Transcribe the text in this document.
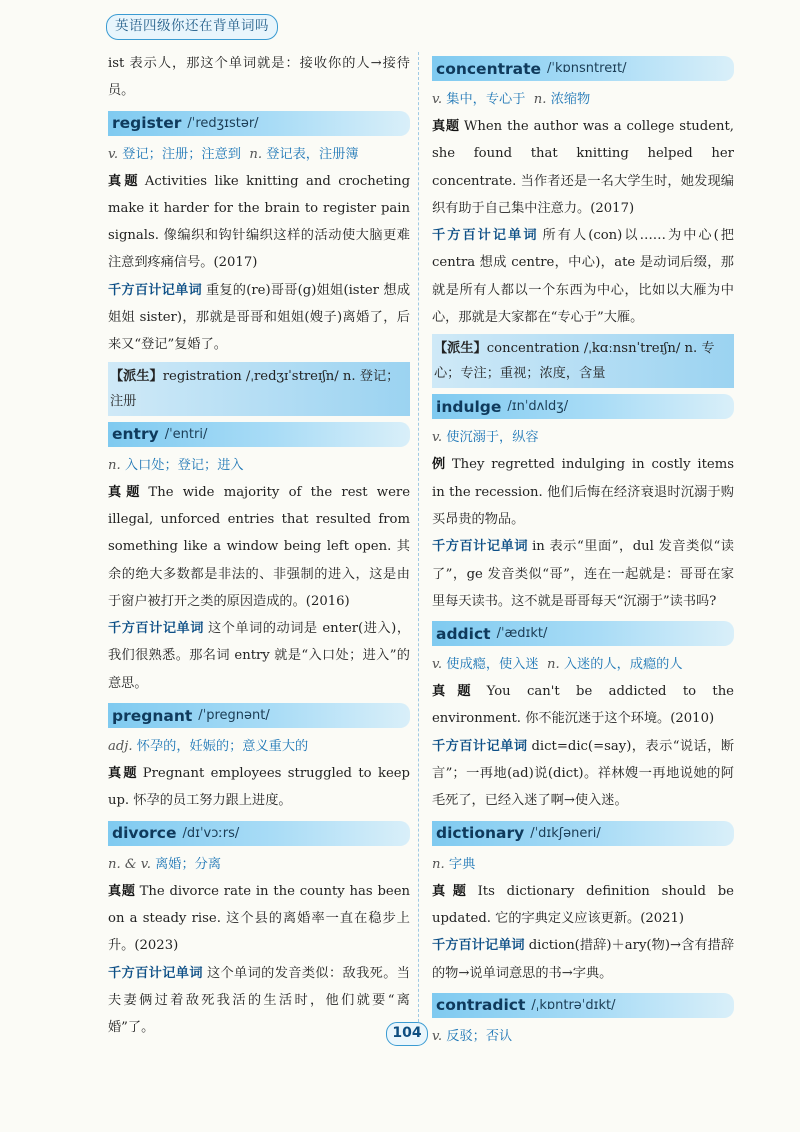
英语四级你还在背单词吗

ist 表示人，那这个单词就是：接收你的人→接待员。

register /ˈredʒɪstər/
v. 登记；注册；注意到 n. 登记表，注册簿

真题 Activities like knitting and crocheting make it harder for the brain to register pain signals. 像编织和钩针编织这样的活动使大脑更难注意到疼痛信号。(2017)

千方百计记单词 重复的(re)哥哥(g)姐姐(ister 想成姐姐 sister)，那就是哥哥和姐姐(嫂子)离婚了，后来又“登记”复婚了。

【派生】registration /ˌredʒɪˈstreɪʃn/ n. 登记；注册
entry /ˈentri/
n. 入口处；登记；进入

真题 The wide majority of the rest were illegal, unforced entries that resulted from something like a window being left open. 其余的绝大多数都是非法的、非强制的进入，这是由于窗户被打开之类的原因造成的。(2016)

千方百计记单词 这个单词的动词是 enter(进入)，我们很熟悉。那名词 entry 就是“入口处；进入”的意思。

pregnant /ˈpregnənt/
adj. 怀孕的，妊娠的；意义重大的

真题 Pregnant employees struggled to keep up. 怀孕的员工努力跟上进度。

divorce /dɪˈvɔːrs/
n. & v. 离婚；分离

真题 The divorce rate in the county has been on a steady rise. 这个县的离婚率一直在稳步上升。(2023)

千方百计记单词 这个单词的发音类似：敌我死。当夫妻俩过着敌死我活的生活时，他们就要“离婚”了。

concentrate /ˈkɒnsntreɪt/
v. 集中，专心于 n. 浓缩物

真题 When the author was a college student, she found that knitting helped her concentrate. 当作者还是一名大学生时，她发现编织有助于自己集中注意力。(2017)

千方百计记单词 所有人(con)以……为中心(把 centra 想成 centre，中心)，ate 是动词后缀，那就是所有人都以一个东西为中心，比如以大雁为中心，那就是大家都在“专心于”大雁。

【派生】concentration /ˌkɑːnsnˈtreɪʃn/ n. 专心；专注；重视；浓度，含量
indulge /ɪnˈdʌldʒ/
v. 使沉溺于，纵容

例 They regretted indulging in costly items in the recession. 他们后悔在经济衰退时沉溺于购买昂贵的物品。

千方百计记单词 in 表示“里面”，dul 发音类似“读了”，ge 发音类似“哥”，连在一起就是：哥哥在家里每天读书。这不就是哥哥每天“沉溺于”读书吗?

addict /ˈædɪkt/
v. 使成瘾，使入迷 n. 入迷的人，成瘾的人

真题 You can't be addicted to the environment. 你不能沉迷于这个环境。(2010)

千方百计记单词 dict=dic(=say)，表示“说话，断言”；一再地(ad)说(dict)。祥林嫂一再地说她的阿毛死了，已经入迷了啊→使入迷。

dictionary /ˈdɪkʃəneri/
n. 字典

真题 Its dictionary definition should be updated. 它的字典定义应该更新。(2021)

千方百计记单词 diction(措辞)＋ary(物)→含有措辞的物→说单词意思的书→字典。

contradict /ˌkɒntrəˈdɪkt/
v. 反驳；否认
104
